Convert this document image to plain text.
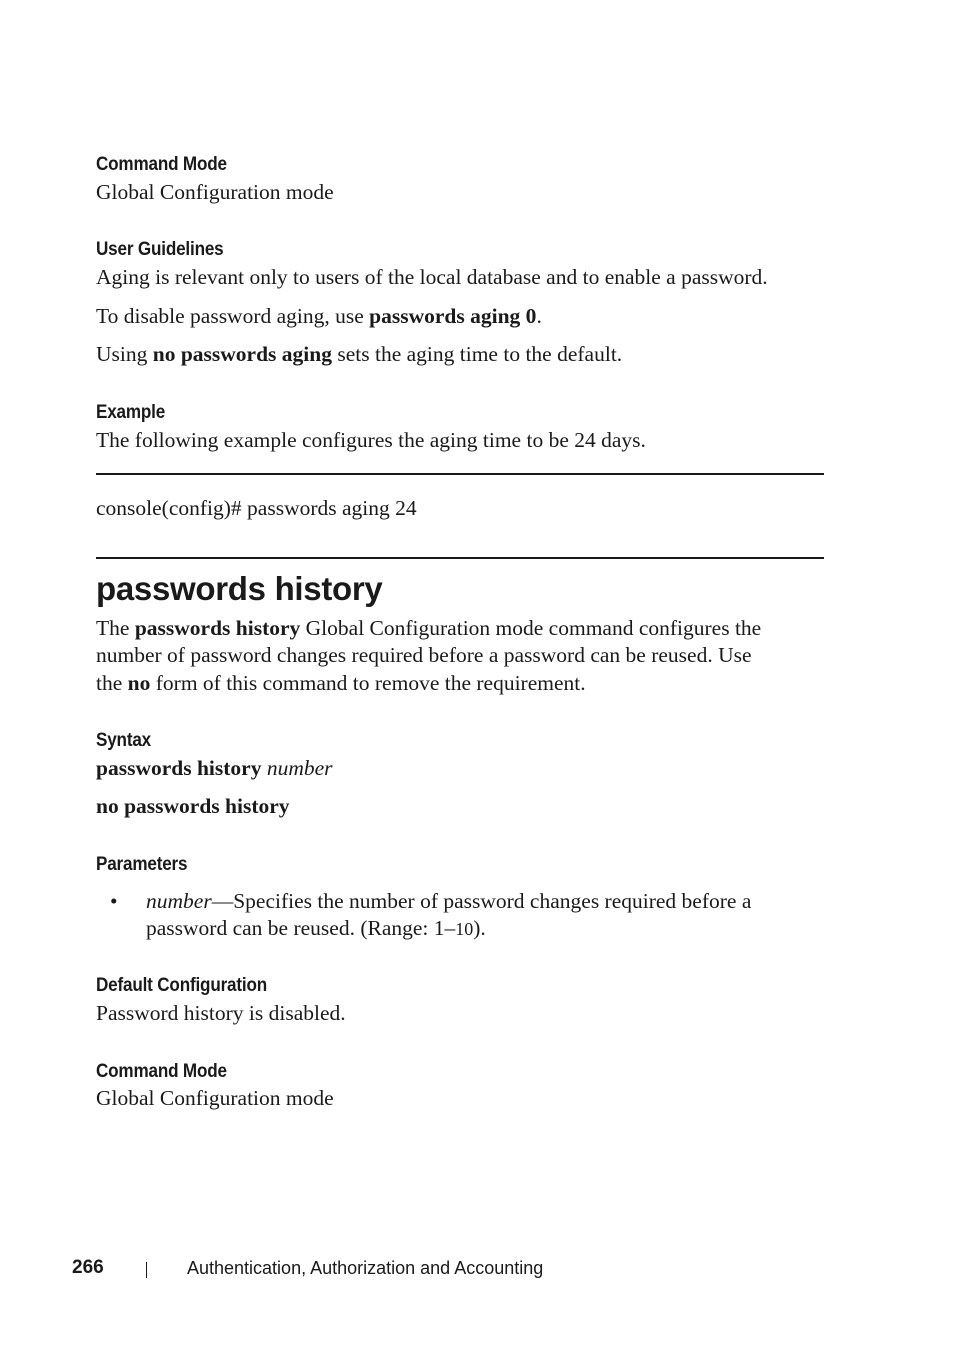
Command Mode
Global Configuration mode
User Guidelines
Aging is relevant only to users of the local database and to enable a password.
To disable password aging, use passwords aging 0.
Using no passwords aging sets the aging time to the default.
Example
The following example configures the aging time to be 24 days.
console(config)# passwords aging 24
passwords history
The passwords history Global Configuration mode command configures the
number of password changes required before a password can be reused. Use
the no form of this command to remove the requirement.
Syntax
passwords history number
no passwords history
Parameters
• number—Specifies the number of password changes required before a
password can be reused. (Range: 1–10).
Default Configuration
Password history is disabled.
Command Mode
Global Configuration mode
266	Authentication, Authorization and Accounting
